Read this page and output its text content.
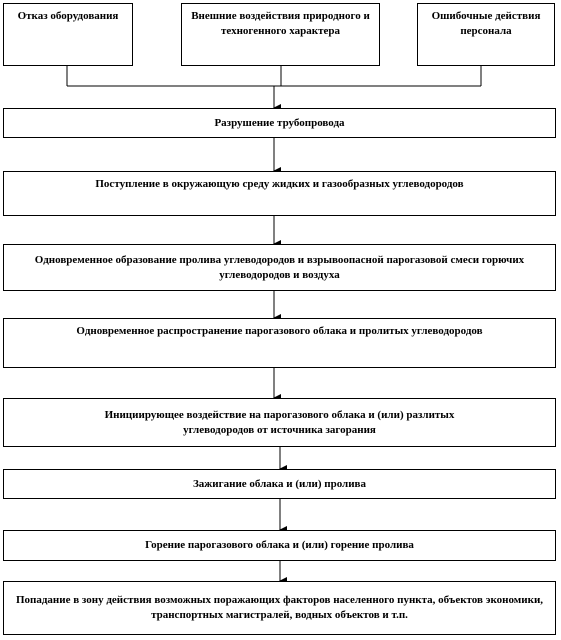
Отказ оборудования	Внешние воздействия природного и техногенного характера
Ошибочные действия персонала
Разрушение трубопровода
Поступление в окружающую среду жидких и газообразных углеводородов
Одновременное образование пролива углеводородов и взрывоопасной парогазовой смеси горючих углеводородов и воздуха
Одновременное распространение парогазового облака и пролитых углеводородов
Инициирующее воздействие на парогазового облака и (или) разлитых углеводородов от источника загорания
Зажигание облака и (или) пролива
Горение парогазового облака и (или) горение пролива
Попадание в зону действия возможных поражающих факторов населенного пункта, объектов экономики, транспортных магистралей, водных объектов и т.п.
